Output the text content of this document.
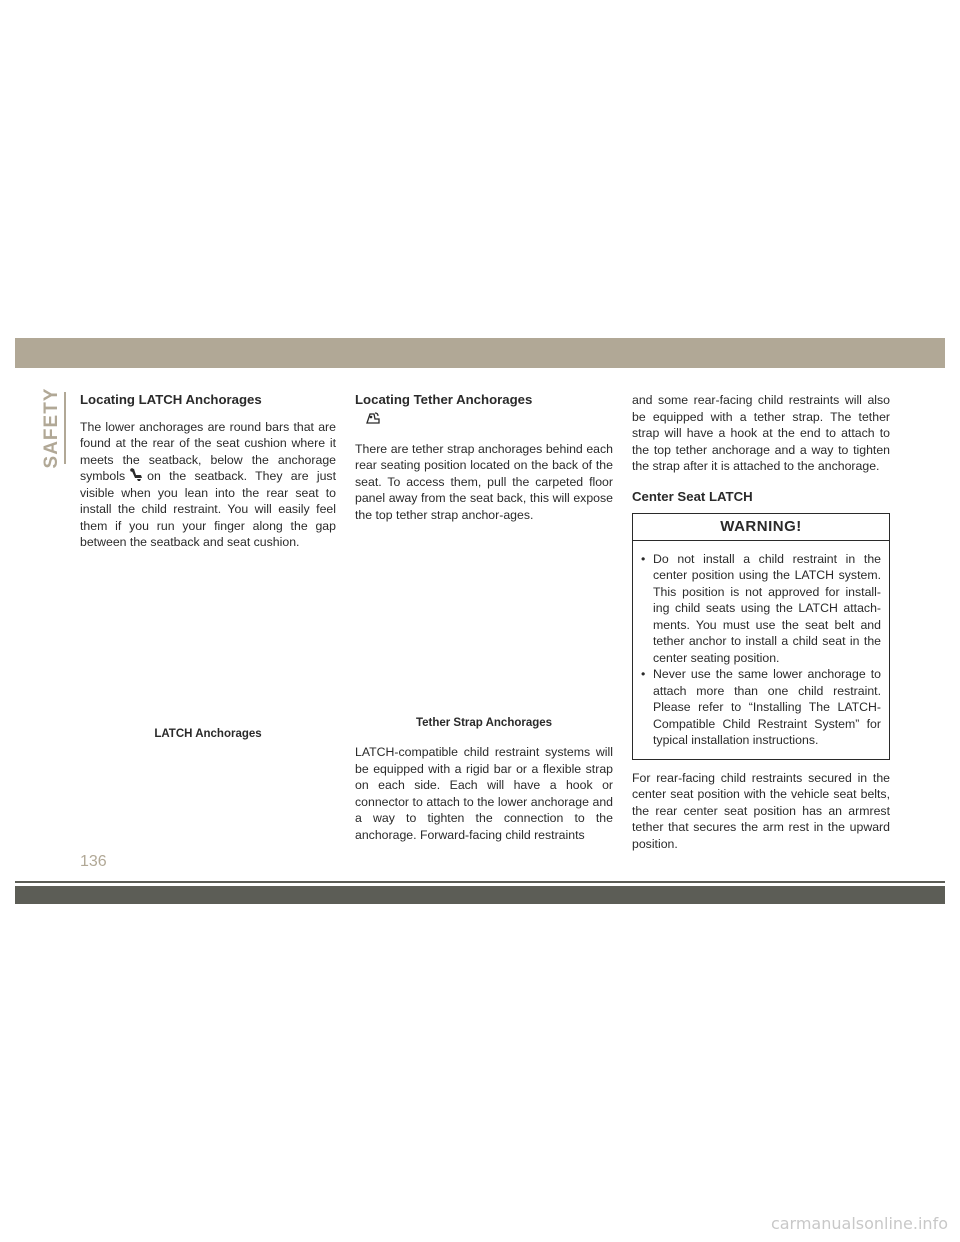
SAFETY Locating LATCH Anchorages

The lower anchorages are round bars that are found at the rear of the seat cushion where it meets the seatback, below the anchorage symbols on the seatback. They are just visible when you lean into the rear seat to install the child restraint. You will easily feel them if you run your finger along the gap between the seatback and seat cushion.

LATCH Anchorages
Locating Tether Anchorages

There are tether strap anchorages behind each rear seating position located on the back of the seat. To access them, pull the carpeted floor panel away from the seat back, this will expose the top tether strap anchor-ages.

Tether Strap Anchorages

LATCH-compatible child restraint systems will be equipped with a rigid bar or a flexible strap on each side. Each will have a hook or connector to attach to the lower anchorage and a way to tighten the connection to the anchorage. Forward-facing child restraints

and some rear-facing child restraints will also be equipped with a tether strap. The tether strap will have a hook at the end to attach to the top tether anchorage and a way to tighten the strap after it is attached to the anchorage.

Center Seat LATCH
WARNING!
• Do not install a child restraint in the center position using the LATCH system. This position is not approved for install-ing child seats using the LATCH attach-ments. You must use the seat belt and tether anchor to install a child seat in the center seating position.
• Never use the same lower anchorage to attach more than one child restraint. Please refer to “Installing The LATCH-Compatible Child Restraint System” for typical installation instructions.

For rear-facing child restraints secured in the center seat position with the vehicle seat belts, the rear center seat position has an armrest tether that secures the arm rest in the upward position.

136
carmanualsonline.info
